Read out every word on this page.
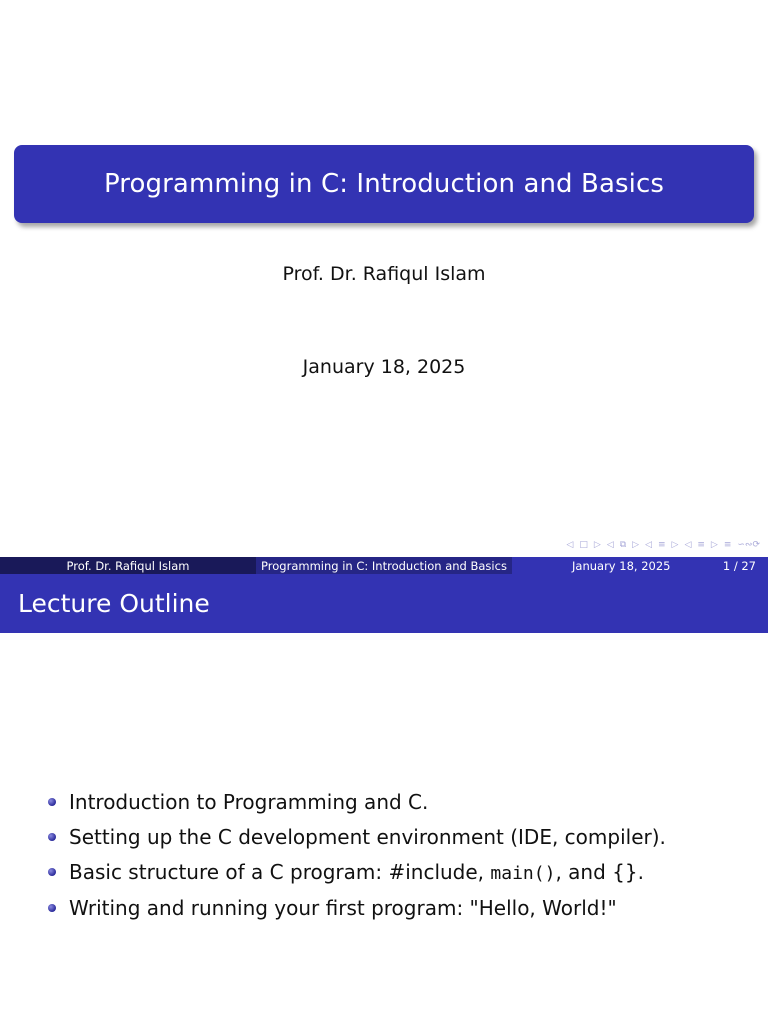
Programming in C: Introduction and Basics
Prof. Dr. Rafiqul Islam
January 18, 2025
◁ □ ▷ ◁ ⧉ ▷ ◁ ≡ ▷ ◁ ≡ ▷ ≡ ∽∾⟳
Prof. Dr. Rafiqul Islam	Programming in C: Introduction and Basics	January 18, 2025	1 / 27
Lecture Outline
Introduction to Programming and C.
Setting up the C development environment (IDE, compiler).
Basic structure of a C program: #include, main(), and {}.
Writing and running your first program: "Hello, World!"
